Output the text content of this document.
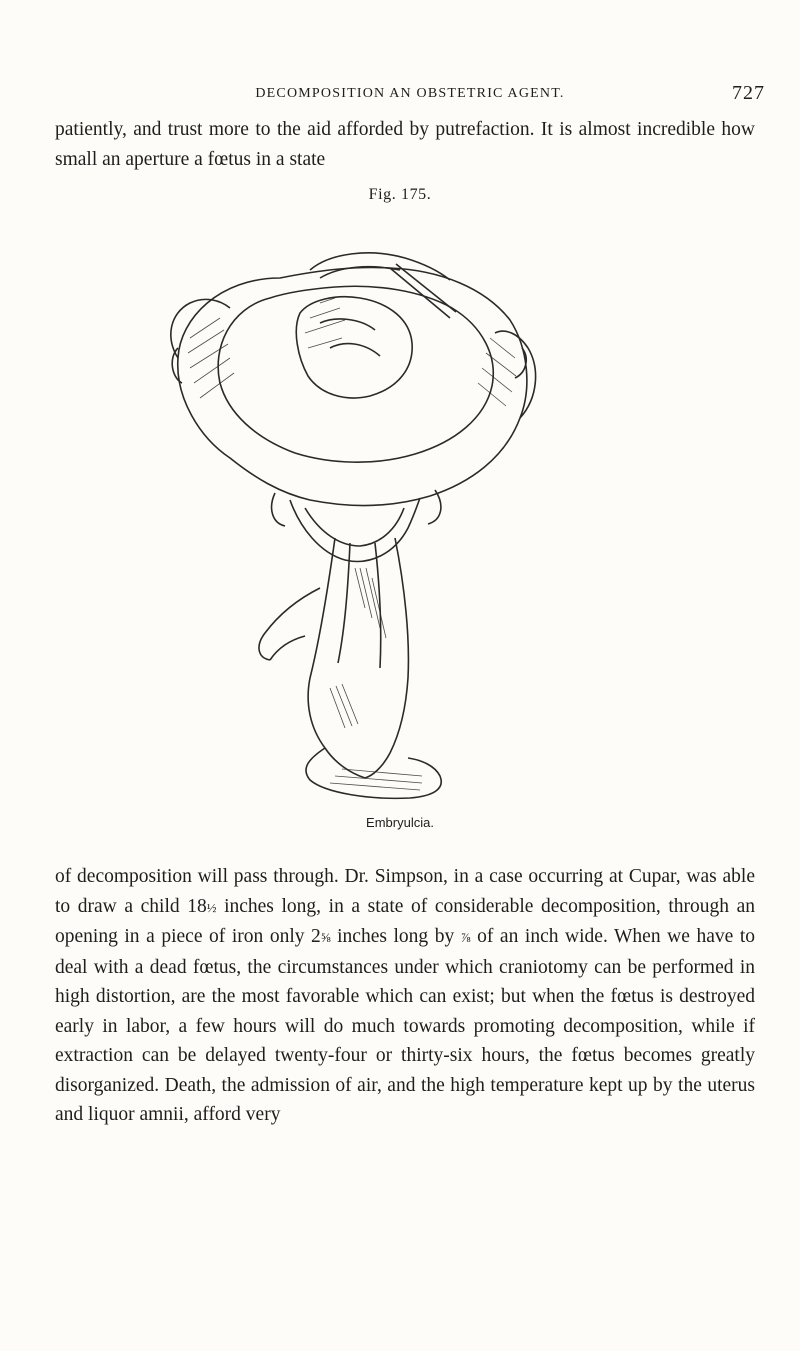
DECOMPOSITION AN OBSTETRIC AGENT.	727

patiently, and trust more to the aid afforded by putrefaction. It is almost incredible how small an aperture a fœtus in a state

Fig. 175.
Embryulcia.

of decomposition will pass through. Dr. Simpson, in a case occurring at Cupar, was able to draw a child 18½ inches long, in a state of considerable decomposition, through an opening in a piece of iron only 2⅝ inches long by ⅞ of an inch wide. When we have to deal with a dead fœtus, the circumstances under which craniotomy can be performed in high distortion, are the most favorable which can exist; but when the fœtus is destroyed early in labor, a few hours will do much towards promoting decomposition, while if extraction can be delayed twenty-four or thirty-six hours, the fœtus becomes greatly disorganized. Death, the admission of air, and the high temperature kept up by the uterus and liquor amnii, afford very
